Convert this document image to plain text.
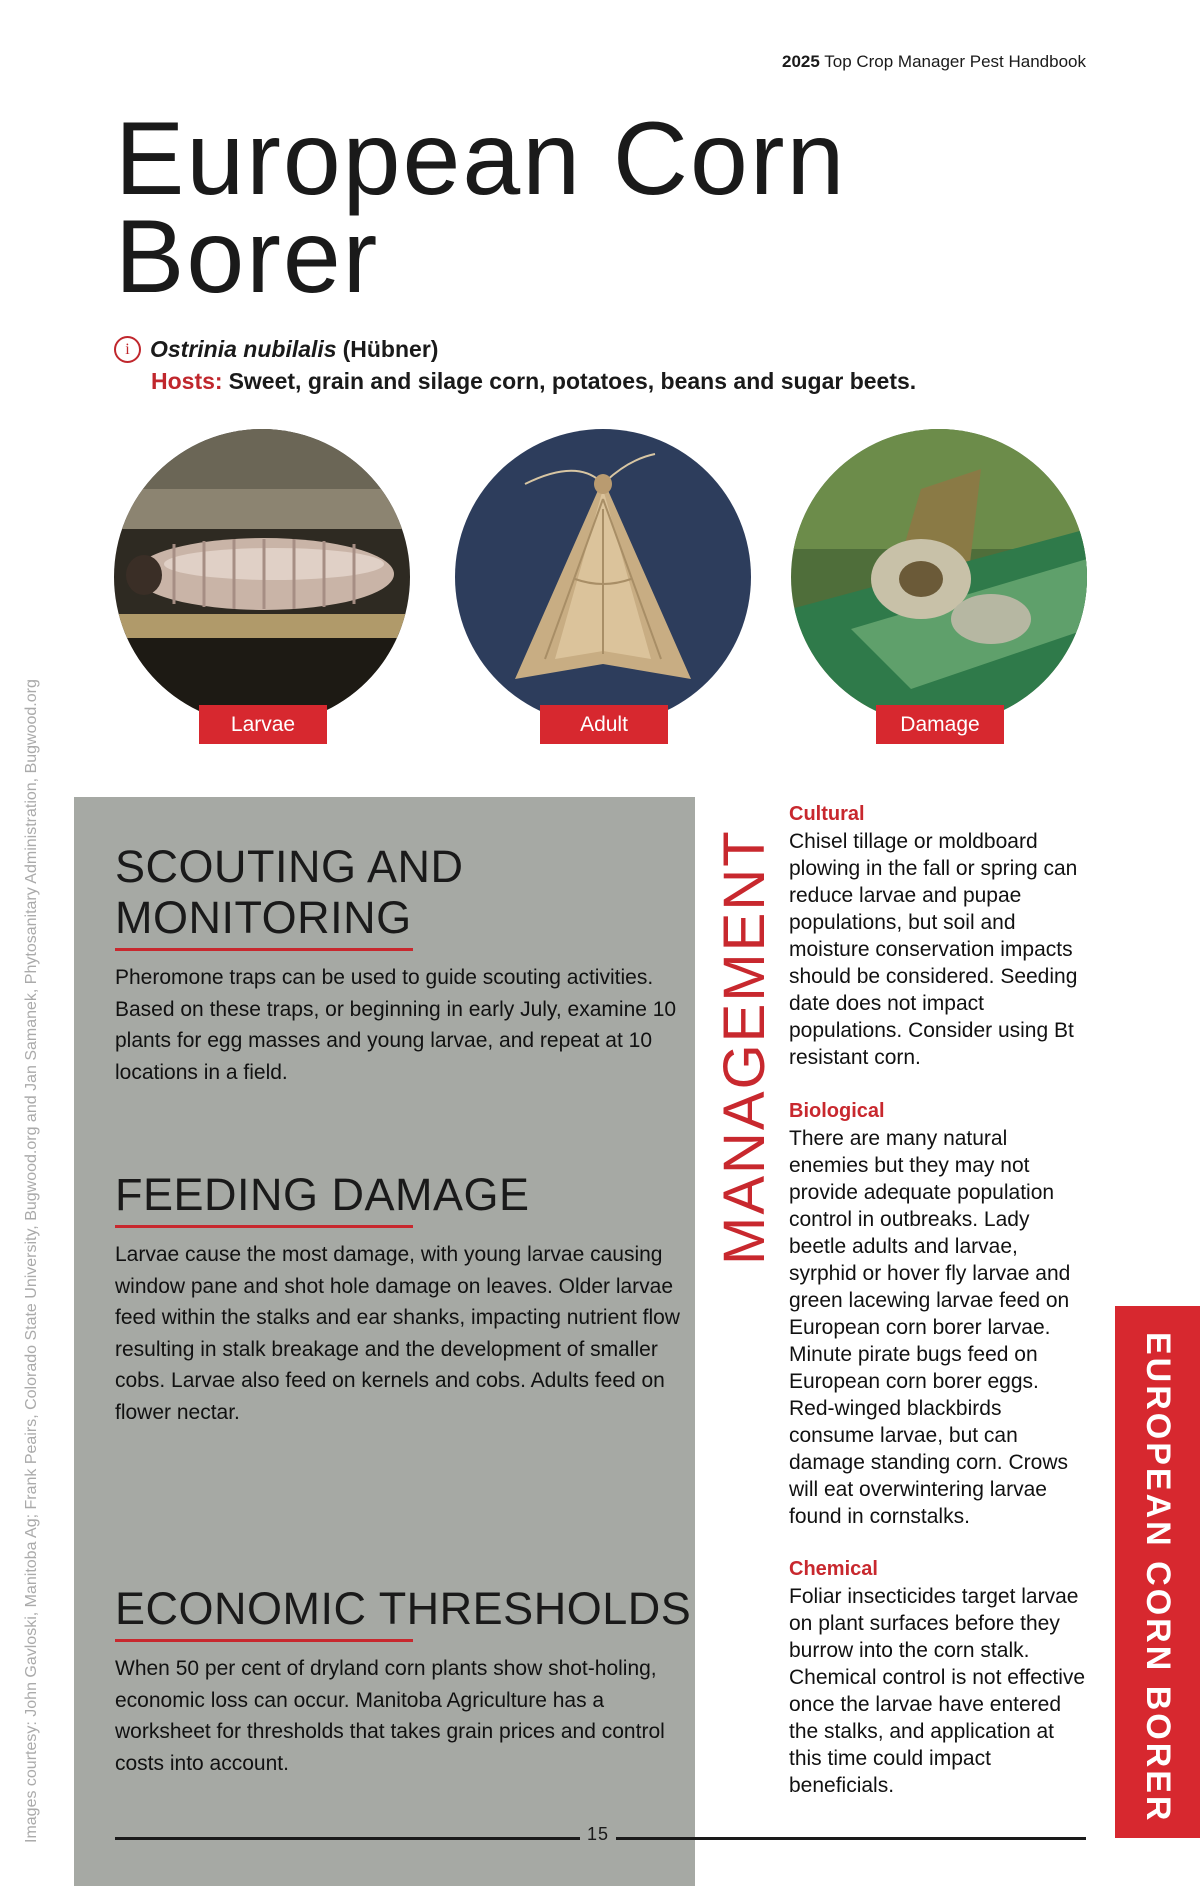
2025 Top Crop Manager Pest Handbook
European Corn
Borer
i Ostrinia nubilalis (Hübner)
Hosts: Sweet, grain and silage corn, potatoes, beans and sugar beets.
Larvae	Adult	Damage
Images courtesy: John Gavloski, Manitoba Ag; Frank Peairs, Colorado State University, Bugwood.org and Jan Samanek, Phytosanitary Administration, Bugwood.org SCOUTING AND
MONITORING
Pheromone traps can be used to guide scouting activities. Based on these traps, or beginning in early July, examine 10 plants for egg masses and young larvae, and repeat at 10 locations in a field.
FEEDING DAMAGE
Larvae cause the most damage, with young larvae causing window pane and shot hole damage on leaves. Older larvae feed within the stalks and ear shanks, impacting nutrient flow resulting in stalk breakage and the development of smaller cobs. Larvae also feed on kernels and cobs. Adults feed on flower nectar.
ECONOMIC THRESHOLDS
When 50 per cent of dryland corn plants show shot-holing, economic loss can occur. Manitoba Agriculture has a worksheet for thresholds that takes grain prices and control costs into account.
MANAGEMENT
Cultural
Chisel tillage or moldboard plowing in the fall or spring can reduce larvae and pupae populations, but soil and moisture conservation impacts should be considered. Seeding date does not impact populations. Consider using Bt resistant corn.
Biological
There are many natural enemies but they may not provide adequate population control in outbreaks. Lady beetle adults and larvae, syrphid or hover fly larvae and green lacewing larvae feed on European corn borer larvae. Minute pirate bugs feed on European corn borer eggs. Red-winged blackbirds consume larvae, but can damage standing corn. Crows will eat overwintering larvae found in cornstalks.
Chemical
Foliar insecticides target larvae on plant surfaces before they burrow into the corn stalk. Chemical control is not effective once the larvae have entered the stalks, and application at this time could impact beneficials.	EUROPEAN CORN BORER
15
